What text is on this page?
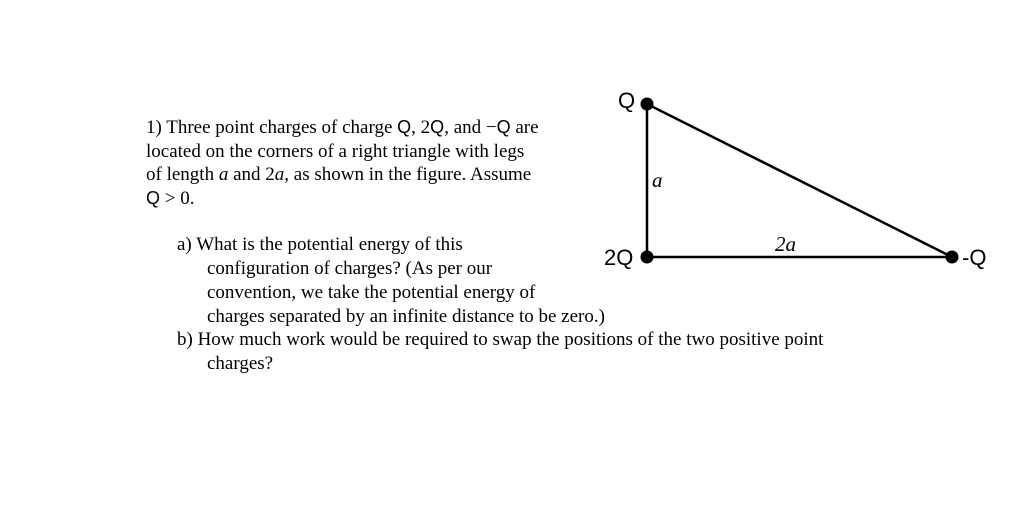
1) Three point charges of charge Q, 2Q, and −Q are
located on the corners of a right triangle with legs
of length a and 2a, as shown in the figure. Assume
Q > 0.
a) What is the potential energy of this
configuration of charges? (As per our
convention, we take the potential energy of
charges separated by an infinite distance to be zero.)
b) How much work would be required to swap the positions of the two positive point
charges?
Q
2Q	-Q
a
2a
